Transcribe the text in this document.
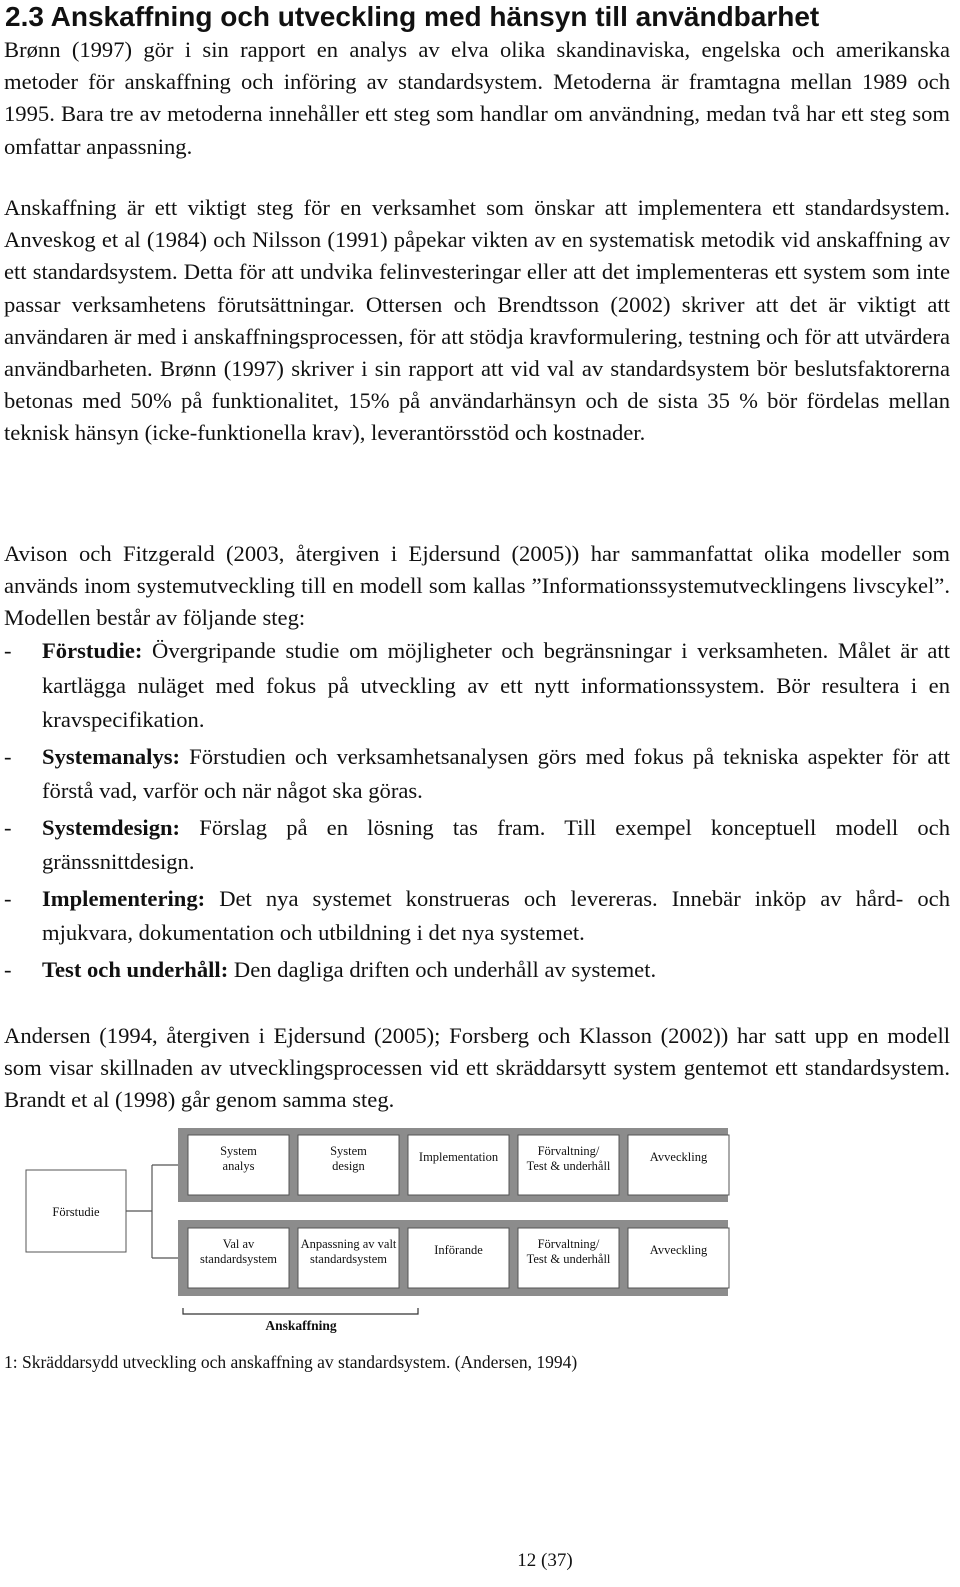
2.3 Anskaffning och utveckling med hänsyn till användbarhet

Brønn (1997) gör i sin rapport en analys av elva olika skandinaviska, engelska och amerikanska metoder för anskaffning och införing av standardsystem. Metoderna är framtagna mellan 1989 och 1995. Bara tre av metoderna innehåller ett steg som handlar om användning, medan två har ett steg som omfattar anpassning.

Anskaffning är ett viktigt steg för en verksamhet som önskar att implementera ett standardsystem. Anveskog et al (1984) och Nilsson (1991) påpekar vikten av en systematisk metodik vid anskaffning av ett standardsystem. Detta för att undvika felinvesteringar eller att det implementeras ett system som inte passar verksamhetens förutsättningar. Ottersen och Brendtsson (2002) skriver att det är viktigt att användaren är med i anskaffningsprocessen, för att stödja kravformulering, testning och för att utvärdera användbarheten. Brønn (1997) skriver i sin rapport att vid val av standardsystem bör beslutsfaktorerna betonas med 50% på funktionalitet, 15% på användarhänsyn och de sista 35 % bör fördelas mellan teknisk hänsyn (icke-funktionella krav), leverantörsstöd och kostnader.

Avison och Fitzgerald (2003, återgiven i Ejdersund (2005)) har sammanfattat olika modeller som används inom systemutveckling till en modell som kallas ”Informationssystemutvecklingens livscykel”. Modellen består av följande steg:

- Förstudie: Övergripande studie om möjligheter och begränsningar i verksamheten. Målet är att kartlägga nuläget med fokus på utveckling av ett nytt informationssystem. Bör resultera i en kravspecifikation.
- Systemanalys: Förstudien och verksamhetsanalysen görs med fokus på tekniska aspekter för att förstå vad, varför och när något ska göras.
- Systemdesign: Förslag på en lösning tas fram. Till exempel konceptuell modell och gränssnittdesign.
- Implementering: Det nya systemet konstrueras och levereras. Innebär inköp av hård- och mjukvara, dokumentation och utbildning i det nya systemet.
- Test och underhåll: Den dagliga driften och underhåll av systemet.

Andersen (1994, återgiven i Ejdersund (2005); Forsberg och Klasson (2002)) har satt upp en modell som visar skillnaden av utvecklingsprocessen vid ett skräddarsytt system gentemot ett standardsystem. Brandt et al (1998) går genom samma steg.

Förstudie
System
analys
System
design
Implementation	Förvaltning/
Test & underhåll
Avveckling
Val av
standardsystem
Anpassning av valt
standardsystem
Införande	Förvaltning/
Test & underhåll
Avveckling
Anskaffning
1: Skräddarsydd utveckling och anskaffning av standardsystem. (Andersen, 1994)
12 (37)
